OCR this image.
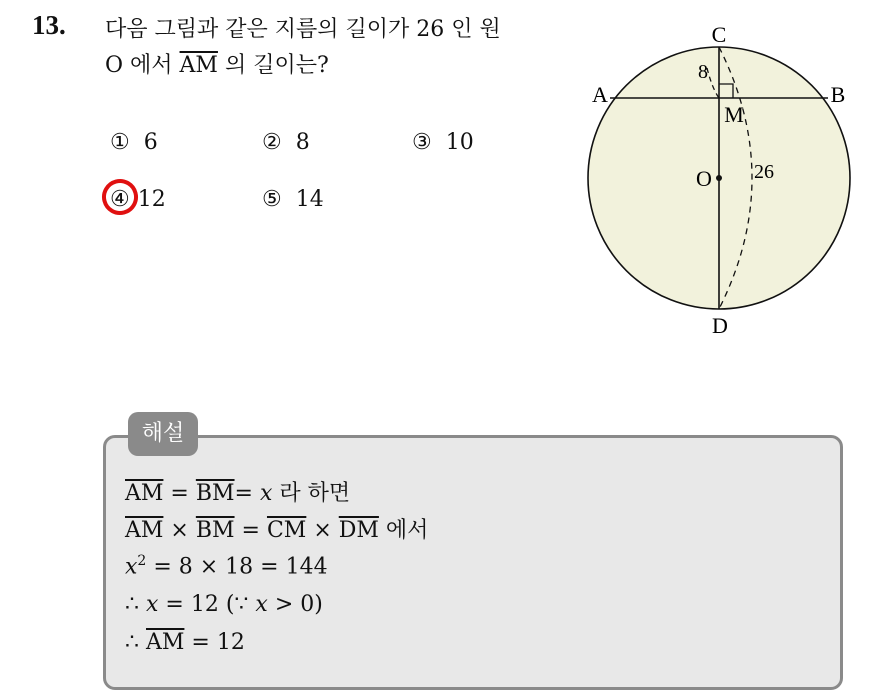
13. 다음 그림과 같은 지름의 길이가 26 인 원
O 에서 $\overline{AM}$ 의 길이는?
① 6	② 8	③ 10
④ 12	⑤ 14
C
A	B
M
O
D
8
26
해설
$\overline{AM} = \overline{BM}= x$ 라 하면
$\overline{AM} \times \overline{BM} = \overline{CM} \times \overline{DM}$ 에서
$x^2 = 8 \times 18 = 144$
∴ x = 12 (∵ x > 0)
∴ $\overline{AM} = 12$
